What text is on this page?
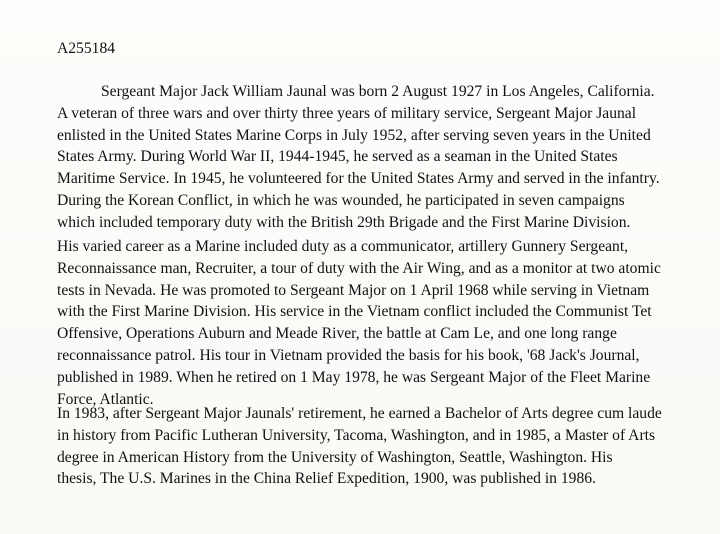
A255184

Sergeant Major Jack William Jaunal was born 2 August 1927 in Los Angeles, California.
A veteran of three wars and over thirty three years of military service, Sergeant Major Jaunal
enlisted in the United States Marine Corps in July 1952, after serving seven years in the United
States Army. During World War II, 1944-1945, he served as a seaman in the United States
Maritime Service. In 1945, he volunteered for the United States Army and served in the infantry.
During the Korean Conflict, in which he was wounded, he participated in seven campaigns
which included temporary duty with the British 29th Brigade and the First Marine Division.

His varied career as a Marine included duty as a communicator, artillery Gunnery Sergeant,
Reconnaissance man, Recruiter, a tour of duty with the Air Wing, and as a monitor at two atomic
tests in Nevada. He was promoted to Sergeant Major on 1 April 1968 while serving in Vietnam
with the First Marine Division. His service in the Vietnam conflict included the Communist Tet
Offensive, Operations Auburn and Meade River, the battle at Cam Le, and one long range
reconnaissance patrol. His tour in Vietnam provided the basis for his book, '68 Jack's Journal,
published in 1989. When he retired on 1 May 1978, he was Sergeant Major of the Fleet Marine
Force, Atlantic.

In 1983, after Sergeant Major Jaunals' retirement, he earned a Bachelor of Arts degree cum laude
in history from Pacific Lutheran University, Tacoma, Washington, and in 1985, a Master of Arts
degree in American History from the University of Washington, Seattle, Washington. His
thesis, The U.S. Marines in the China Relief Expedition, 1900, was published in 1986.
